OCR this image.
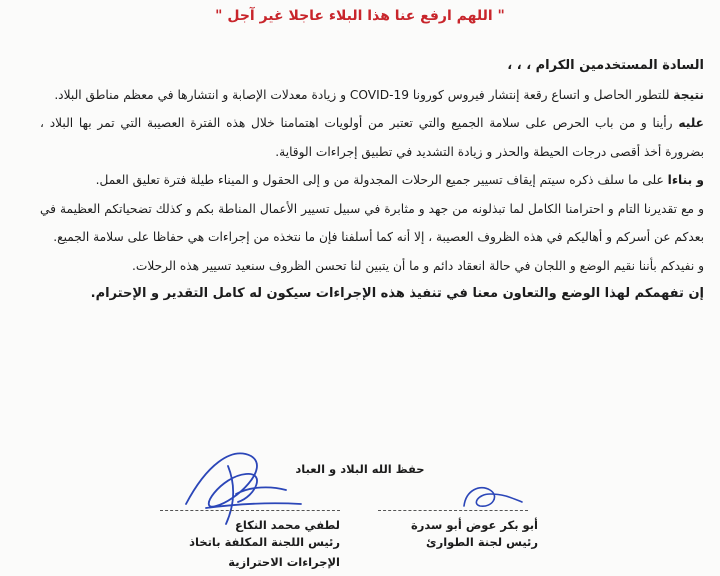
" اللهم ارفع عنا هذا البلاء عاجلا غير آجل "

السادة المستخدمين الكرام ، ، ،

نتيجة للتطور الحاصل و اتساع رقعة إنتشار فيروس كورونا COVID-19 و زيادة معدلات الإصابة و انتشارها في معظم مناطق البلاد.

عليه رأينا و من باب الحرص على سلامة الجميع والتي تعتبر من أولويات اهتمامنا خلال هذه الفترة العصيبة التي تمر بها البلاد ، بضرورة أخذ أقصى درجات الحيطة والحذر و زيادة التشديد في تطبيق إجراءات الوقاية.

و بناءا على ما سلف ذكره سيتم إيقاف تسيير جميع الرحلات المجدولة من و إلى الحقول و الميناء طيلة فترة تعليق العمل.

و مع تقديرنا التام و احترامنا الكامل لما تبذلونه من جهد و مثابرة في سبيل تسيير الأعمال المناطة بكم و كذلك تضحياتكم العظيمة في بعدكم عن أسركم و أهاليكم في هذه الظروف العصيبة ، إلا أنه كما أسلفنا فإن ما نتخذه من إجراءات هي حفاظا على سلامة الجميع.

و نفيدكم بأننا نقيم الوضع و اللجان في حالة انعقاد دائم و ما أن يتبين لنا تحسن الظروف سنعيد تسيير هذه الرحلات.

إن تفهمكم لهذا الوضع والتعاون معنا في تنفيذ هذه الإجراءات سيكون له كامل التقدير و الإحترام.

حفظ الله البلاد و العباد
لطفي محمد النكاع
رئيس اللجنة المكلفة باتخاذ الإجراءات الاحترازية
أبو بكر عوض أبو سدرة
رئيس لجنة الطوارئ
